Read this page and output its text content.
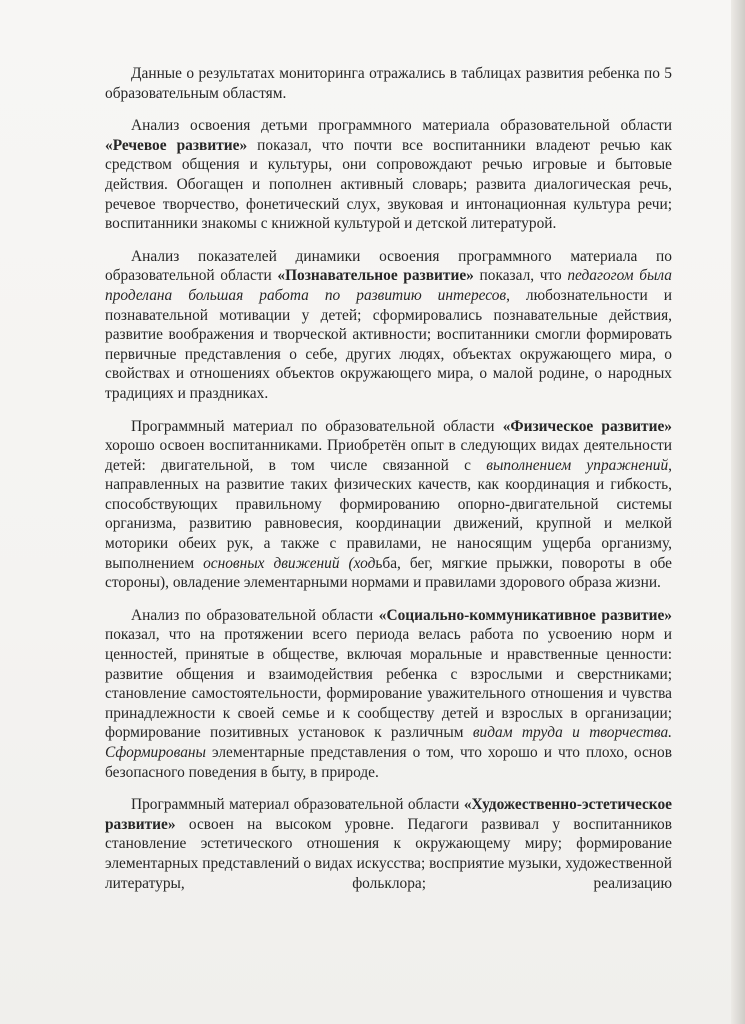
Данные о результатах мониторинга отражались в таблицах развития ребенка по 5 образовательным областям.

Анализ освоения детьми программного материала образовательной области «Речевое развитие» показал, что почти все воспитанники владеют речью как средством общения и культуры, они сопровождают речью игровые и бытовые действия. Обогащен и пополнен активный словарь; развита диалогическая речь, речевое творчество, фонетический слух, звуковая и интонационная культура речи; воспитанники знакомы с книжной культурой и детской литературой.

Анализ показателей динамики освоения программного материала по образовательной области «Познавательное развитие» показал, что педагогом была проделана большая работа по развитию интересов, любознательности и познавательной мотивации у детей; сформировались познавательные действия, развитие воображения и творческой активности; воспитанники смогли формировать первичные представления о себе, других людях, объектах окружающего мира, о свойствах и отношениях объектов окружающего мира, о малой родине, о народных традициях и праздниках.

Программный материал по образовательной области «Физическое развитие» хорошо освоен воспитанниками. Приобретён опыт в следующих видах деятельности детей: двигательной, в том числе связанной с выполнением упражнений, направленных на развитие таких физических качеств, как координация и гибкость, способствующих правильному формированию опорно-двигательной системы организма, развитию равновесия, координации движений, крупной и мелкой моторики обеих рук, а также с правилами, не наносящим ущерба организму, выполнением основных движений (ходьба, бег, мягкие прыжки, повороты в обе стороны), овладение элементарными нормами и правилами здорового образа жизни.

Анализ по образовательной области «Социально-коммуникативное развитие» показал, что на протяжении всего периода велась работа по усвоению норм и ценностей, принятые в обществе, включая моральные и нравственные ценности: развитие общения и взаимодействия ребенка с взрослыми и сверстниками; становление самостоятельности, формирование уважительного отношения и чувства принадлежности к своей семье и к сообществу детей и взрослых в организации; формирование позитивных установок к различным видам труда и творчества. Сформированы элементарные представления о том, что хорошо и что плохо, основ безопасного поведения в быту, в природе.

Программный материал образовательной области «Художественно-эстетическое развитие» освоен на высоком уровне. Педагоги развивал у воспитанников становление эстетического отношения к окружающему миру; формирование элементарных представлений о видах искусства; восприятие музыки, художественной литературы, фольклора; реализацию
